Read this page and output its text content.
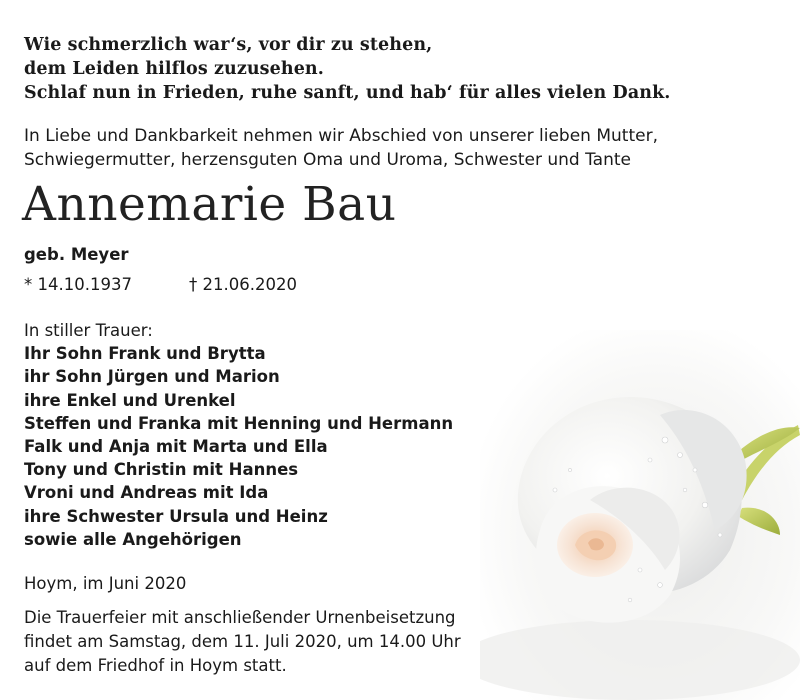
Wie schmerzlich war‘s, vor dir zu stehen,
dem Leiden hilflos zuzusehen.
Schlaf nun in Frieden, ruhe sanft, und hab‘ für alles vielen Dank.
In Liebe und Dankbarkeit nehmen wir Abschied von unserer lieben Mutter,
Schwiegermutter, herzensguten Oma und Uroma, Schwester und Tante
Annemarie Bau
geb. Meyer
* 14.10.1937	† 21.06.2020
In stiller Trauer:
Ihr Sohn Frank und Brytta
ihr Sohn Jürgen und Marion
ihre Enkel und Urenkel
Steffen und Franka mit Henning und Hermann
Falk und Anja mit Marta und Ella
Tony und Christin mit Hannes
Vroni und Andreas mit Ida
ihre Schwester Ursula und Heinz
sowie alle Angehörigen
Hoym, im Juni 2020
Die Trauerfeier mit anschließender Urnenbeisetzung
findet am Samstag, dem 11. Juli 2020, um 14.00 Uhr
auf dem Friedhof in Hoym statt.
